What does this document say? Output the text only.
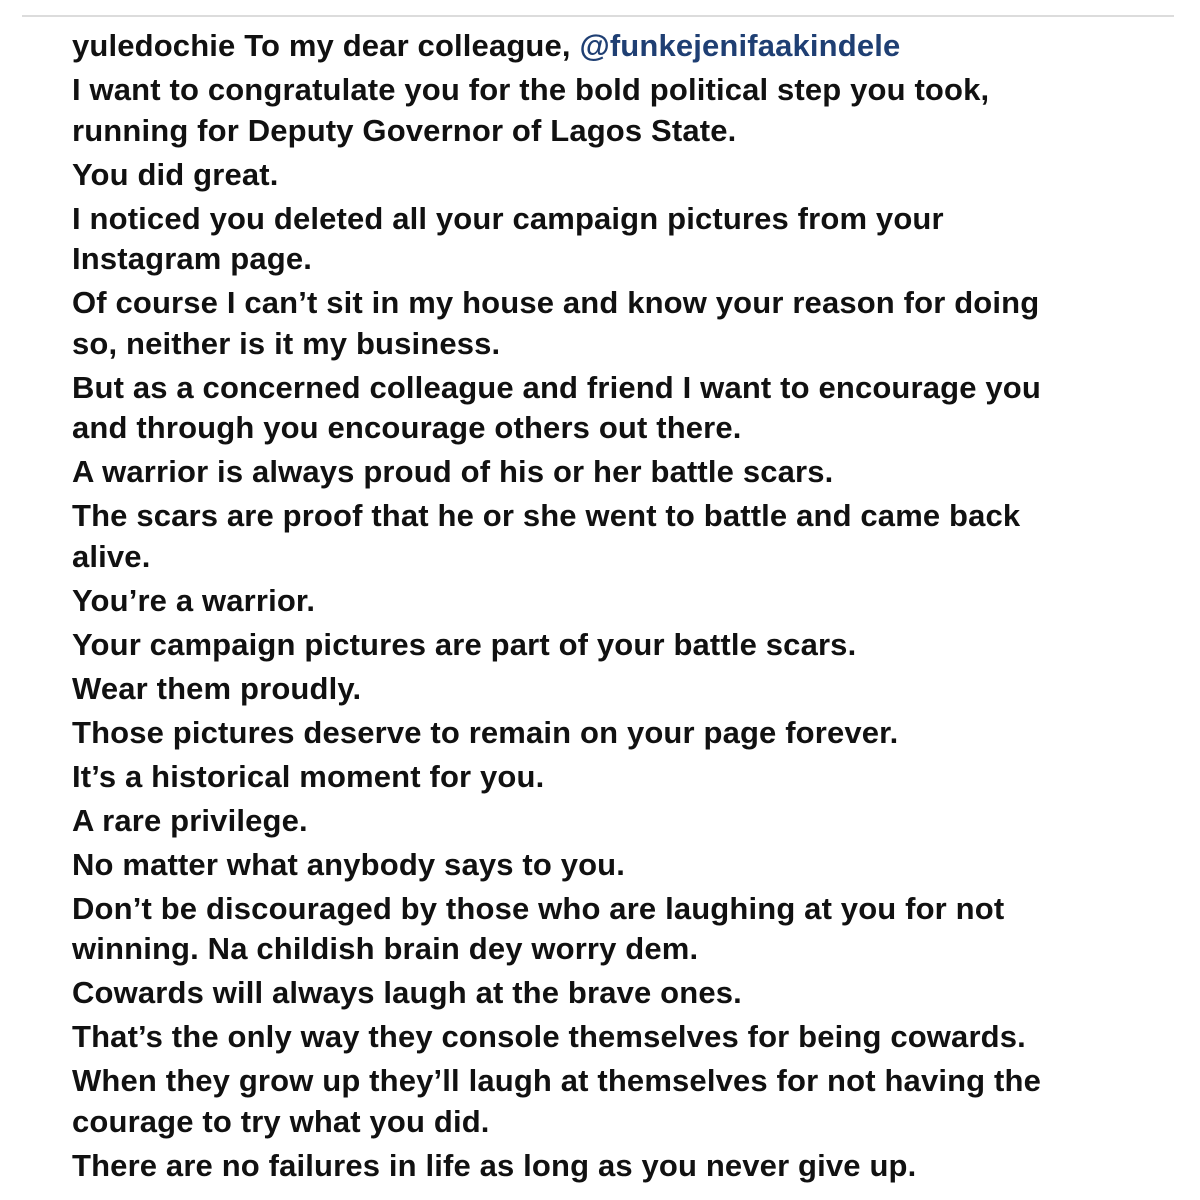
yuledochie To my dear colleague, @funkejenifaakindele
I want to congratulate you for the bold political step you took,
running for Deputy Governor of Lagos State.
You did great.
I noticed you deleted all your campaign pictures from your
Instagram page.
Of course I can’t sit in my house and know your reason for doing
so, neither is it my business.
But as a concerned colleague and friend I want to encourage you
and through you encourage others out there.
A warrior is always proud of his or her battle scars.
The scars are proof that he or she went to battle and came back
alive.
You’re a warrior.
Your campaign pictures are part of your battle scars.
Wear them proudly.
Those pictures deserve to remain on your page forever.
It’s a historical moment for you.
A rare privilege.
No matter what anybody says to you.
Don’t be discouraged by those who are laughing at you for not
winning. Na childish brain dey worry dem.
Cowards will always laugh at the brave ones.
That’s the only way they console themselves for being cowards.
When they grow up they’ll laugh at themselves for not having the
courage to try what you did.
There are no failures in life as long as you never give up.
